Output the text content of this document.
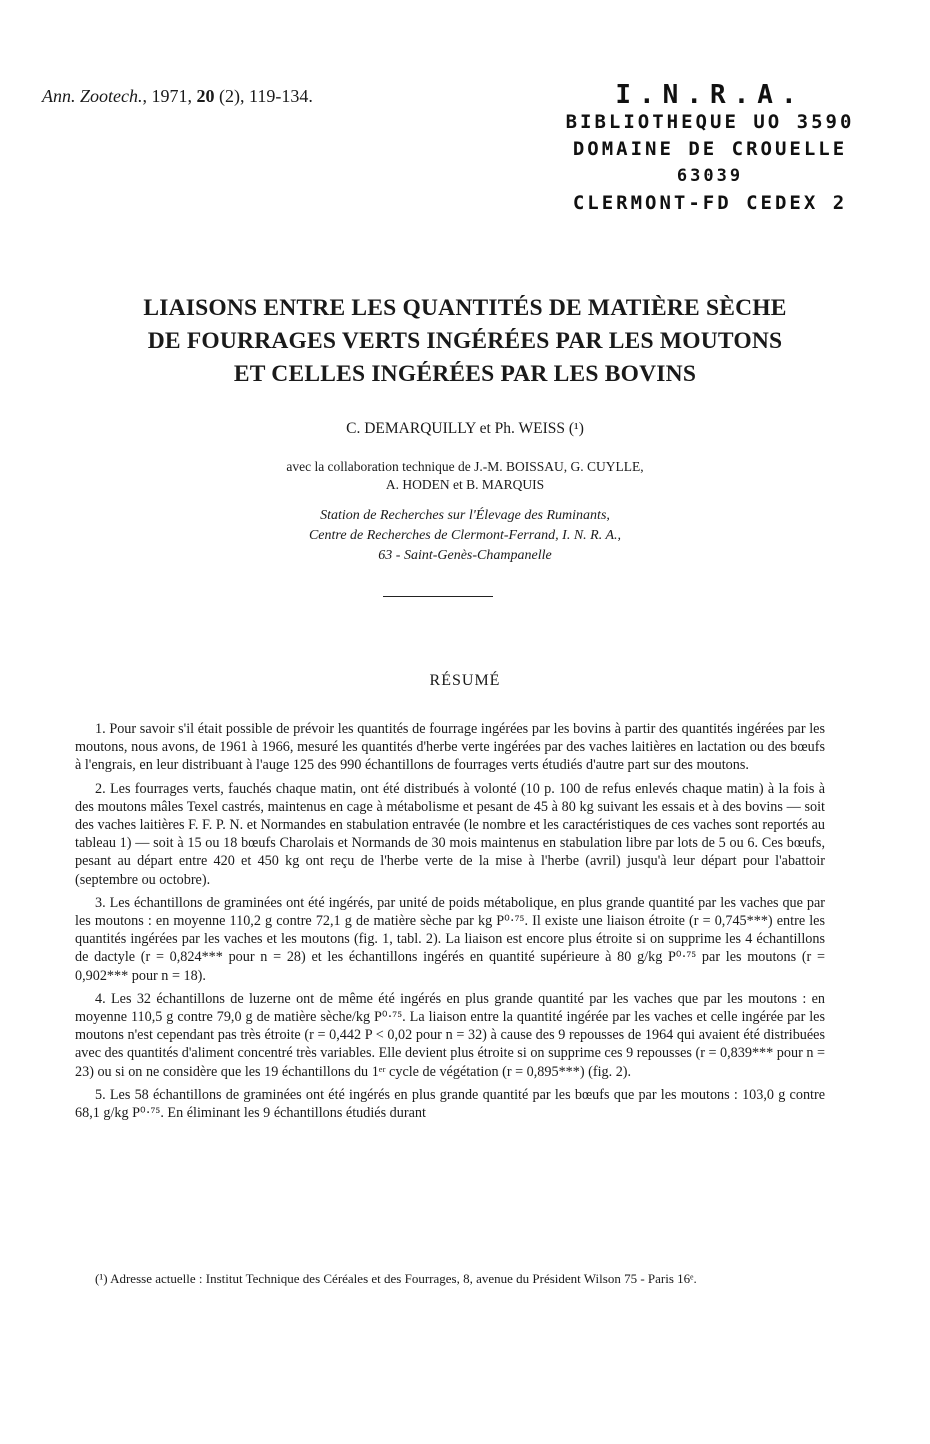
Ann. Zootech., 1971, 20 (2), 119-134.	I.N.R.A.
BIBLIOTHEQUE UO 3590
DOMAINE DE CROUELLE
63039
CLERMONT-FD CEDEX 2
LIAISONS ENTRE LES QUANTITÉS DE MATIÈRE SÈCHE
DE FOURRAGES VERTS INGÉRÉES PAR LES MOUTONS
ET CELLES INGÉRÉES PAR LES BOVINS
C. DEMARQUILLY et Ph. WEISS (¹)
avec la collaboration technique de J.-M. BOISSAU, G. CUYLLE,
A. HODEN et B. MARQUIS
Station de Recherches sur l'Élevage des Ruminants,
Centre de Recherches de Clermont-Ferrand, I. N. R. A.,
63 - Saint-Genès-Champanelle
RÉSUMÉ

1. Pour savoir s'il était possible de prévoir les quantités de fourrage ingérées par les bovins à partir des quantités ingérées par les moutons, nous avons, de 1961 à 1966, mesuré les quantités d'herbe verte ingérées par des vaches laitières en lactation ou des bœufs à l'engrais, en leur distribuant à l'auge 125 des 990 échantillons de fourrages verts étudiés d'autre part sur des moutons.

2. Les fourrages verts, fauchés chaque matin, ont été distribués à volonté (10 p. 100 de refus enlevés chaque matin) à la fois à des moutons mâles Texel castrés, maintenus en cage à métabolisme et pesant de 45 à 80 kg suivant les essais et à des bovins — soit des vaches laitières F. F. P. N. et Normandes en stabulation entravée (le nombre et les caractéristiques de ces vaches sont reportés au tableau 1) — soit à 15 ou 18 bœufs Charolais et Normands de 30 mois maintenus en stabulation libre par lots de 5 ou 6. Ces bœufs, pesant au départ entre 420 et 450 kg ont reçu de l'herbe verte de la mise à l'herbe (avril) jusqu'à leur départ pour l'abattoir (septembre ou octobre).

3. Les échantillons de graminées ont été ingérés, par unité de poids métabolique, en plus grande quantité par les vaches que par les moutons : en moyenne 110,2 g contre 72,1 g de matière sèche par kg P⁰·⁷⁵. Il existe une liaison étroite (r = 0,745***) entre les quantités ingérées par les vaches et les moutons (fig. 1, tabl. 2). La liaison est encore plus étroite si on supprime les 4 échantillons de dactyle (r = 0,824*** pour n = 28) et les échantillons ingérés en quantité supérieure à 80 g/kg P⁰·⁷⁵ par les moutons (r = 0,902*** pour n = 18).

4. Les 32 échantillons de luzerne ont de même été ingérés en plus grande quantité par les vaches que par les moutons : en moyenne 110,5 g contre 79,0 g de matière sèche/kg P⁰·⁷⁵. La liaison entre la quantité ingérée par les vaches et celle ingérée par les moutons n'est cependant pas très étroite (r = 0,442 P < 0,02 pour n = 32) à cause des 9 repousses de 1964 qui avaient été distribuées avec des quantités d'aliment concentré très variables. Elle devient plus étroite si on supprime ces 9 repousses (r = 0,839*** pour n = 23) ou si on ne considère que les 19 échantillons du 1ᵉʳ cycle de végétation (r = 0,895***) (fig. 2).

5. Les 58 échantillons de graminées ont été ingérés en plus grande quantité par les bœufs que par les moutons : 103,0 g contre 68,1 g/kg P⁰·⁷⁵. En éliminant les 9 échantillons étudiés durant

(¹) Adresse actuelle : Institut Technique des Céréales et des Fourrages, 8, avenue du Président Wilson 75 - Paris 16ᵉ.
